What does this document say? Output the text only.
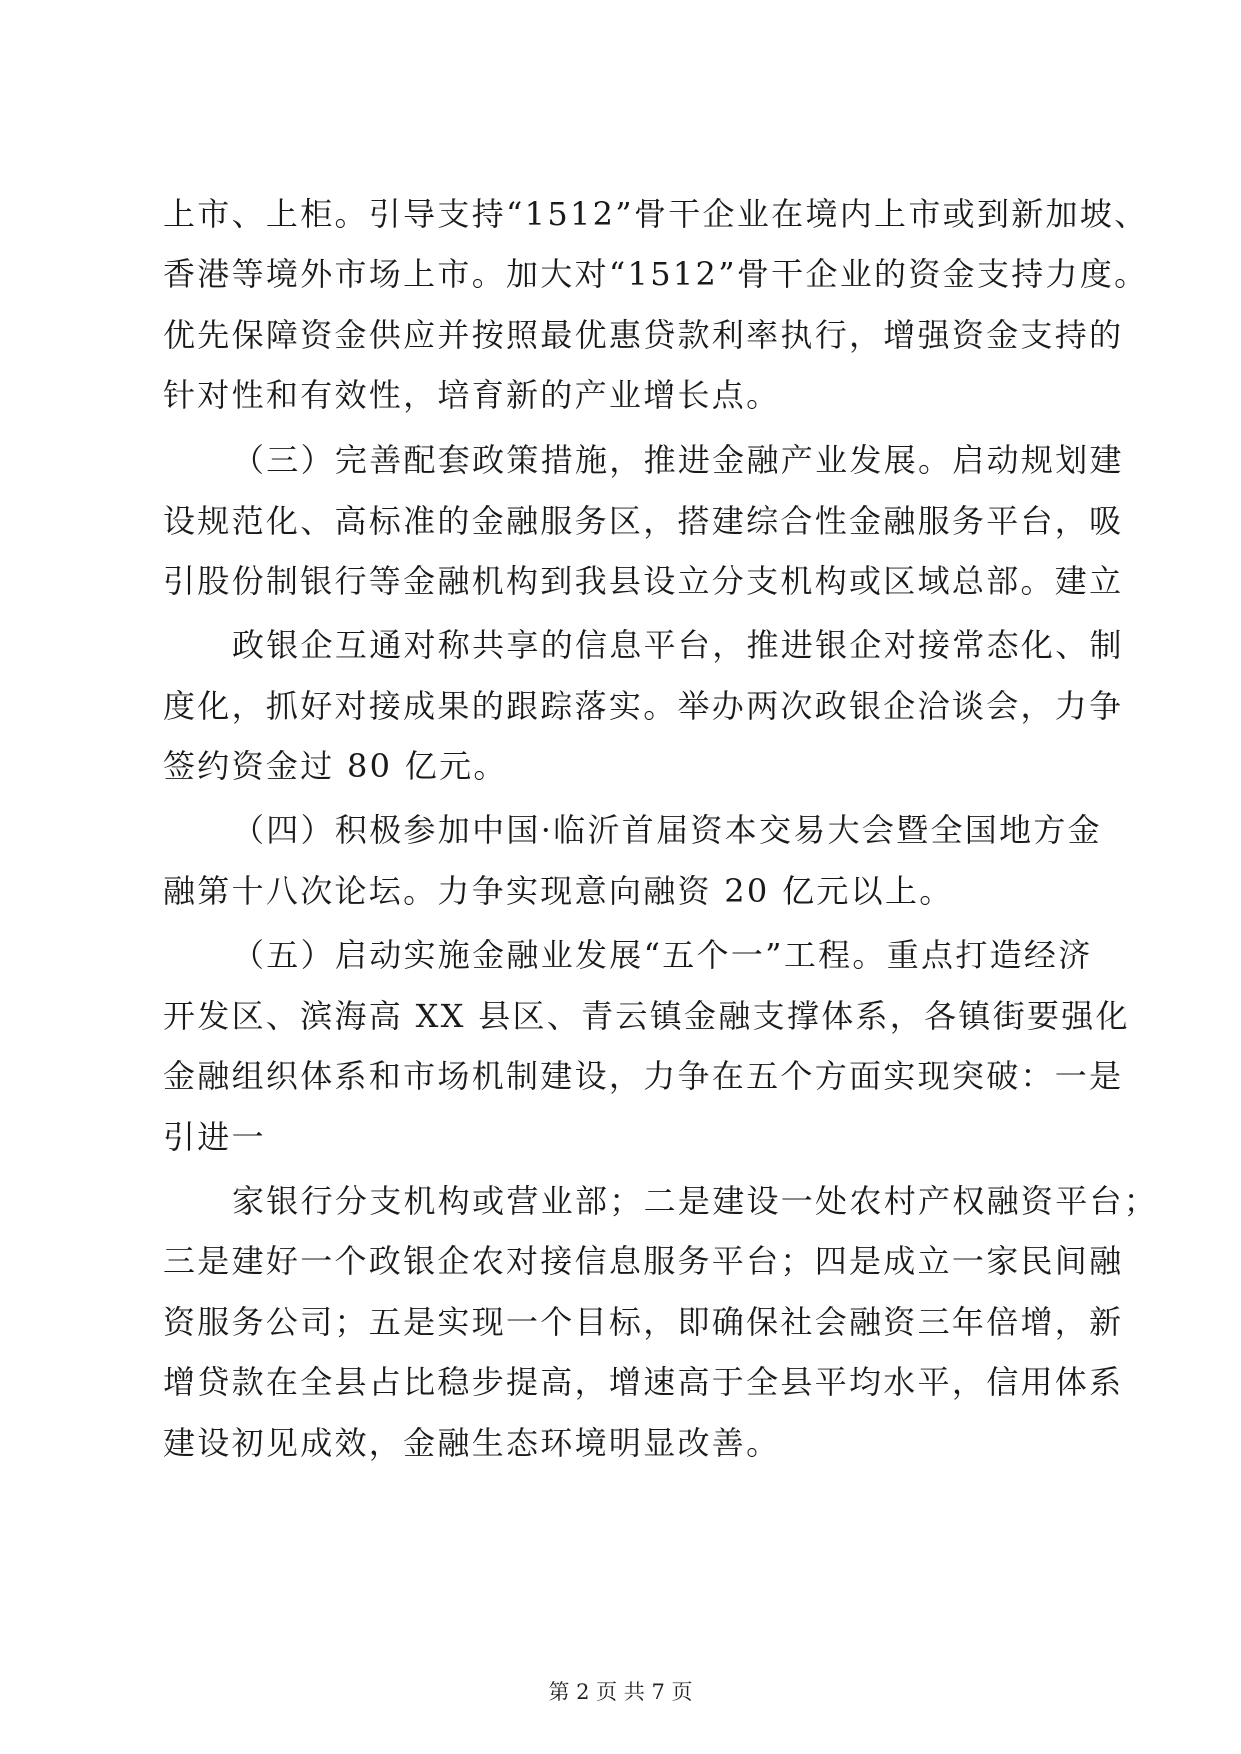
上市、上柜。引导支持“1512”骨干企业在境内上市或到新加坡、
香港等境外市场上市。加大对“1512”骨干企业的资金支持力度。
优先保障资金供应并按照最优惠贷款利率执行，增强资金支持的
针对性和有效性，培育新的产业增长点。
（三）完善配套政策措施，推进金融产业发展。启动规划建
设规范化、高标准的金融服务区，搭建综合性金融服务平台，吸
引股份制银行等金融机构到我县设立分支机构或区域总部。建立
政银企互通对称共享的信息平台，推进银企对接常态化、制
度化，抓好对接成果的跟踪落实。举办两次政银企洽谈会，力争
签约资金过 80 亿元。
（四）积极参加中国·临沂首届资本交易大会暨全国地方金
融第十八次论坛。力争实现意向融资 20 亿元以上。
（五）启动实施金融业发展“五个一”工程。重点打造经济
开发区、滨海高 XX 县区、青云镇金融支撑体系，各镇街要强化
金融组织体系和市场机制建设，力争在五个方面实现突破：一是
引进一
家银行分支机构或营业部；二是建设一处农村产权融资平台；
三是建好一个政银企农对接信息服务平台；四是成立一家民间融
资服务公司；五是实现一个目标，即确保社会融资三年倍增，新
增贷款在全县占比稳步提高，增速高于全县平均水平，信用体系
建设初见成效，金融生态环境明显改善。
第 2 页 共 7 页
